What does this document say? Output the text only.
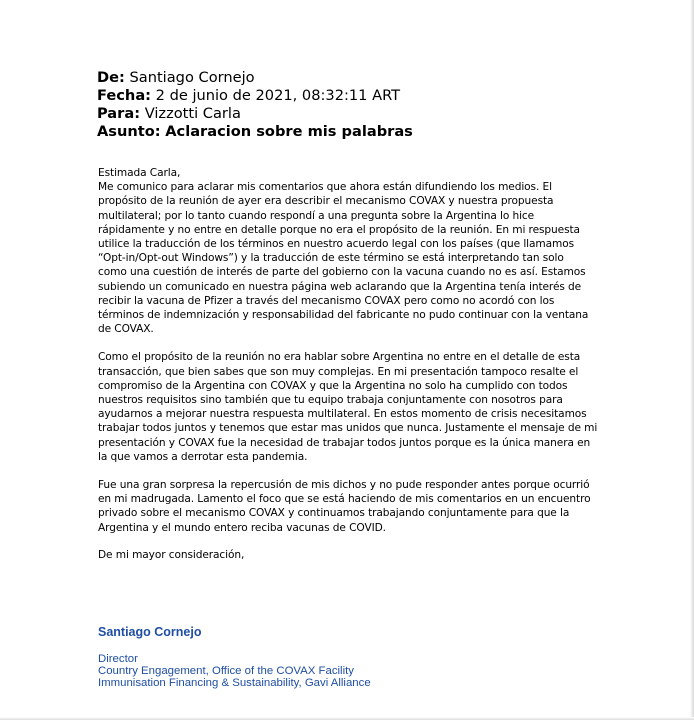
De: Santiago Cornejo
Fecha: 2 de junio de 2021, 08:32:11 ART
Para: Vizzotti Carla
Asunto: Aclaracion sobre mis palabras

Estimada Carla,

Me comunico para aclarar mis comentarios que ahora están difundiendo los medios. El
propósito de la reunión de ayer era describir el mecanismo COVAX y nuestra propuesta
multilateral; por lo tanto cuando respondí a una pregunta sobre la Argentina lo hice
rápidamente y no entre en detalle porque no era el propósito de la reunión. En mi respuesta
utilice la traducción de los términos en nuestro acuerdo legal con los países (que llamamos
“Opt-in/Opt-out Windows”) y la traducción de este término se está interpretando tan solo
como una cuestión de interés de parte del gobierno con la vacuna cuando no es así. Estamos
subiendo un comunicado en nuestra página web aclarando que la Argentina tenía interés de
recibir la vacuna de Pfizer a través del mecanismo COVAX pero como no acordó con los
términos de indemnización y responsabilidad del fabricante no pudo continuar con la ventana
de COVAX.

Como el propósito de la reunión no era hablar sobre Argentina no entre en el detalle de esta
transacción, que bien sabes que son muy complejas. En mi presentación tampoco resalte el
compromiso de la Argentina con COVAX y que la Argentina no solo ha cumplido con todos
nuestros requisitos sino también que tu equipo trabaja conjuntamente con nosotros para
ayudarnos a mejorar nuestra respuesta multilateral. En estos momento de crisis necesitamos
trabajar todos juntos y tenemos que estar mas unidos que nunca. Justamente el mensaje de mi
presentación y COVAX fue la necesidad de trabajar todos juntos porque es la única manera en
la que vamos a derrotar esta pandemia.

Fue una gran sorpresa la repercusión de mis dichos y no pude responder antes porque ocurrió
en mi madrugada. Lamento el foco que se está haciendo de mis comentarios en un encuentro
privado sobre el mecanismo COVAX y continuamos trabajando conjuntamente para que la
Argentina y el mundo entero reciba vacunas de COVID.

De mi mayor consideración,

Santiago Cornejo
Director
Country Engagement, Office of the COVAX Facility
Immunisation Financing & Sustainability, Gavi Alliance
